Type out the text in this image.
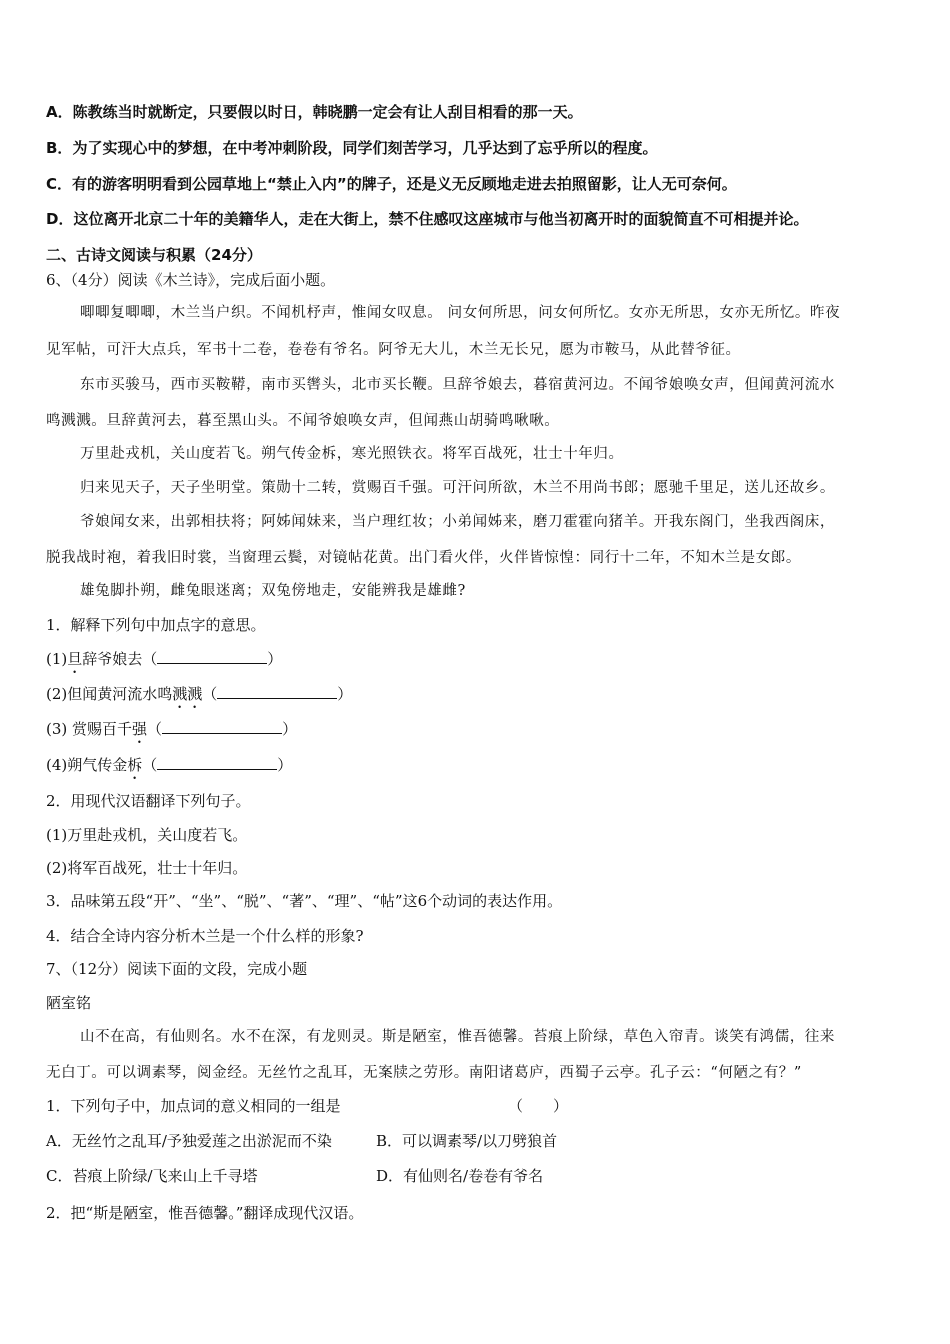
A．陈教练当时就断定，只要假以时日，韩晓鹏一定会有让人刮目相看的那一天。
B．为了实现心中的梦想，在中考冲刺阶段，同学们刻苦学习，几乎达到了忘乎所以的程度。
C．有的游客明明看到公园草地上“禁止入内”的牌子，还是义无反顾地走进去拍照留影，让人无可奈何。
D．这位离开北京二十年的美籍华人，走在大街上，禁不住感叹这座城市与他当初离开时的面貌简直不可相提并论。
二、古诗文阅读与积累（24分）
6、（4分）阅读《木兰诗》，完成后面小题。
唧唧复唧唧，木兰当户织。不闻机杼声，惟闻女叹息。 问女何所思，问女何所忆。女亦无所思，女亦无所忆。昨夜
见军帖，可汗大点兵，军书十二卷，卷卷有爷名。阿爷无大儿，木兰无长兄，愿为市鞍马，从此替爷征。
东市买骏马，西市买鞍鞯，南市买辔头，北市买长鞭。旦辞爷娘去，暮宿黄河边。不闻爷娘唤女声，但闻黄河流水
鸣溅溅。旦辞黄河去，暮至黑山头。不闻爷娘唤女声，但闻燕山胡骑鸣啾啾。
万里赴戎机，关山度若飞。朔气传金柝，寒光照铁衣。将军百战死，壮士十年归。
归来见天子，天子坐明堂。策勋十二转，赏赐百千强。可汗问所欲，木兰不用尚书郎；愿驰千里足，送儿还故乡。
爷娘闻女来，出郭相扶将；阿姊闻妹来，当户理红妆；小弟闻姊来，磨刀霍霍向猪羊。开我东阁门，坐我西阁床，
脱我战时袍，着我旧时裳，当窗理云鬓，对镜帖花黄。出门看火伴，火伴皆惊惶：同行十二年，不知木兰是女郎。
雄兔脚扑朔，雌兔眼迷离；双兔傍地走，安能辨我是雄雌?
1．解释下列句中加点字的意思。
(1)旦辞爷娘去（	）
(2)但闻黄河流水鸣溅溅（	）
(3) 赏赐百千强（	）
(4)朔气传金柝（	）
2．用现代汉语翻译下列句子。
(1)万里赴戎机，关山度若飞。
(2)将军百战死，壮士十年归。
3．品味第五段“开”、“坐”、“脱”、“著”、“理”、“帖”这6个动词的表达作用。
4．结合全诗内容分析木兰是一个什么样的形象?
7、（12分）阅读下面的文段，完成小题
陋室铭
山不在高，有仙则名。水不在深，有龙则灵。斯是陋室，惟吾德馨。苔痕上阶绿，草色入帘青。谈笑有鸿儒，往来
无白丁。可以调素琴，阅金经。无丝竹之乱耳，无案牍之劳形。南阳诸葛庐，西蜀子云亭。孔子云：“何陋之有？”
1．下列句子中，加点词的意义相同的一组是	（　　）
A．无丝竹之乱耳/予独爱莲之出淤泥而不染	B．可以调素琴/以刀劈狼首
C．苔痕上阶绿/飞来山上千寻塔	D．有仙则名/卷卷有爷名
2．把“斯是陋室，惟吾德馨。”翻译成现代汉语。
